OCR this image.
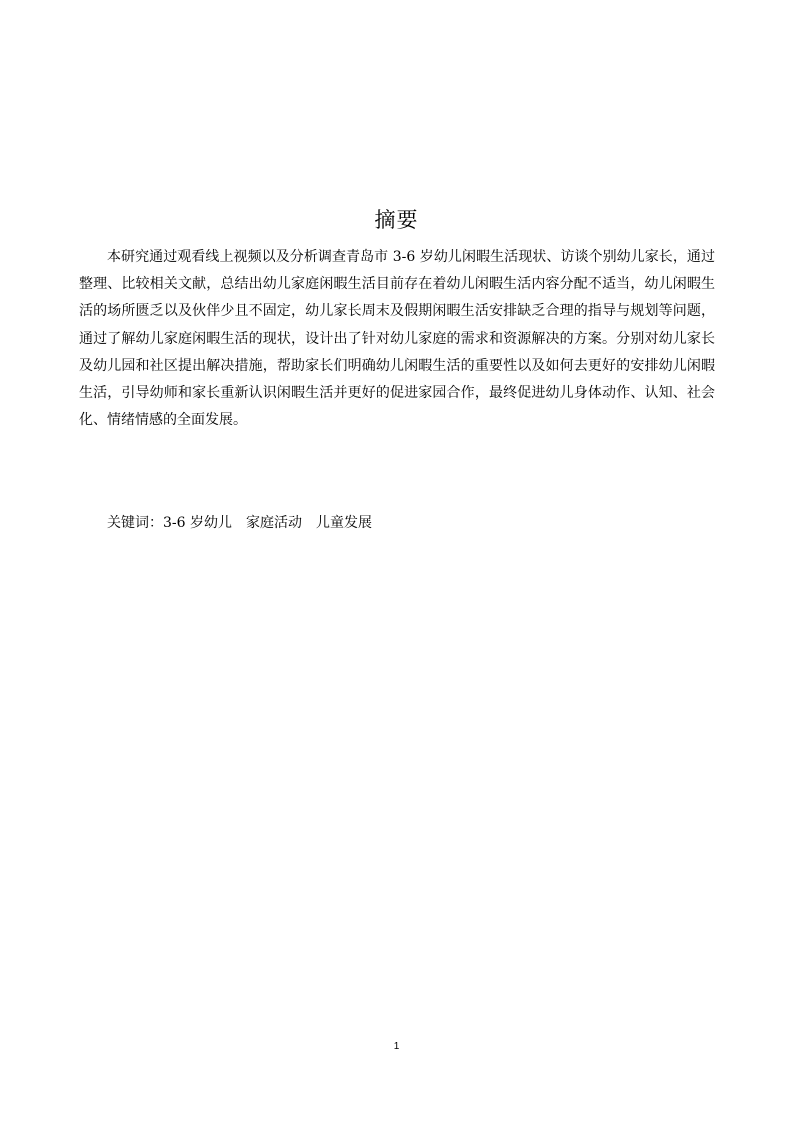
摘要

本研究通过观看线上视频以及分析调查青岛市 3-6 岁幼儿闲暇生活现状、访谈个别幼儿家长，通过整理、比较相关文献，总结出幼儿家庭闲暇生活目前存在着幼儿闲暇生活内容分配不适当，幼儿闲暇生活的场所匮乏以及伙伴少且不固定，幼儿家长周末及假期闲暇生活安排缺乏合理的指导与规划等问题，通过了解幼儿家庭闲暇生活的现状，设计出了针对幼儿家庭的需求和资源解决的方案。分别对幼儿家长及幼儿园和社区提出解决措施，帮助家长们明确幼儿闲暇生活的重要性以及如何去更好的安排幼儿闲暇生活，引导幼师和家长重新认识闲暇生活并更好的促进家园合作，最终促进幼儿身体动作、认知、社会化、情绪情感的全面发展。

关键词：3-6 岁幼儿　家庭活动　儿童发展

1
